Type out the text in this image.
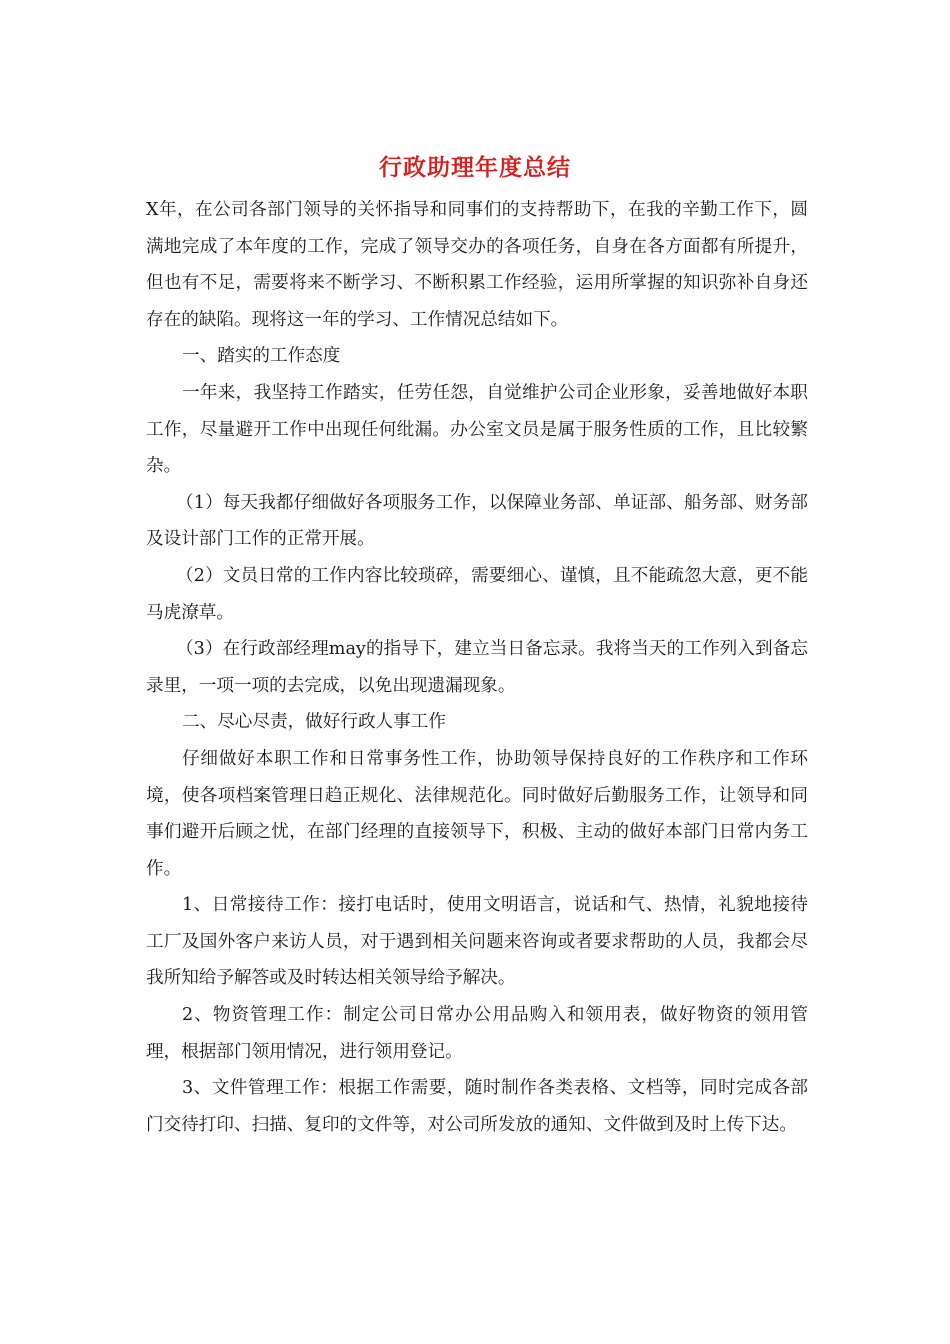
行政助理年度总结

X年，在公司各部门领导的关怀指导和同事们的支持帮助下，在我的辛勤工作下，圆满地完成了本年度的工作，完成了领导交办的各项任务，自身在各方面都有所提升，但也有不足，需要将来不断学习、不断积累工作经验，运用所掌握的知识弥补自身还存在的缺陷。现将这一年的学习、工作情况总结如下。

一、踏实的工作态度

一年来，我坚持工作踏实，任劳任怨，自觉维护公司企业形象，妥善地做好本职工作，尽量避开工作中出现任何纰漏。办公室文员是属于服务性质的工作，且比较繁杂。

（1）每天我都仔细做好各项服务工作，以保障业务部、单证部、船务部、财务部及设计部门工作的正常开展。

（2）文员日常的工作内容比较琐碎，需要细心、谨慎，且不能疏忽大意，更不能马虎潦草。

（3）在行政部经理may的指导下，建立当日备忘录。我将当天的工作列入到备忘录里，一项一项的去完成，以免出现遗漏现象。

二、尽心尽责，做好行政人事工作

仔细做好本职工作和日常事务性工作，协助领导保持良好的工作秩序和工作环境，使各项档案管理日趋正规化、法律规范化。同时做好后勤服务工作，让领导和同事们避开后顾之忧，在部门经理的直接领导下，积极、主动的做好本部门日常内务工作。

1、日常接待工作：接打电话时，使用文明语言，说话和气、热情，礼貌地接待工厂及国外客户来访人员，对于遇到相关问题来咨询或者要求帮助的人员，我都会尽我所知给予解答或及时转达相关领导给予解决。

2、物资管理工作：制定公司日常办公用品购入和领用表，做好物资的领用管理，根据部门领用情况，进行领用登记。

3、文件管理工作：根据工作需要，随时制作各类表格、文档等，同时完成各部门交待打印、扫描、复印的文件等，对公司所发放的通知、文件做到及时上传下达。
